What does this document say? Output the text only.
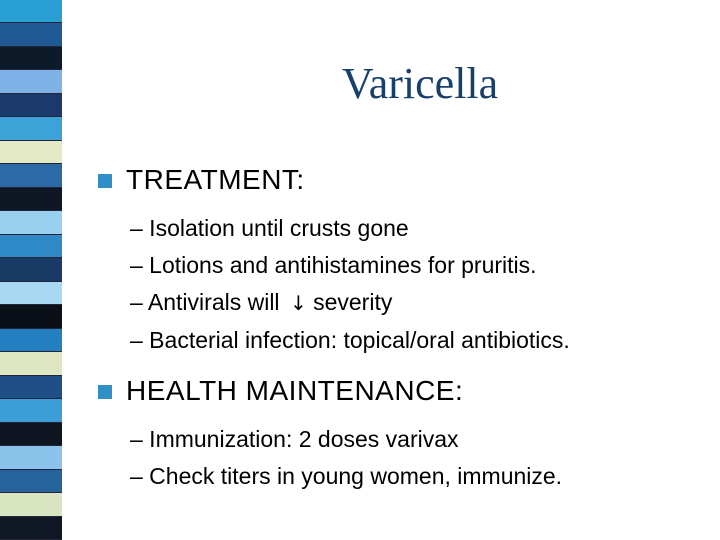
Varicella
TREATMENT:
– Isolation until crusts gone
– Lotions and antihistamines for pruritis.
– Antivirals will ↓ severity
– Bacterial infection: topical/oral antibiotics.
HEALTH MAINTENANCE:
– Immunization: 2 doses varivax
– Check titers in young women, immunize.
